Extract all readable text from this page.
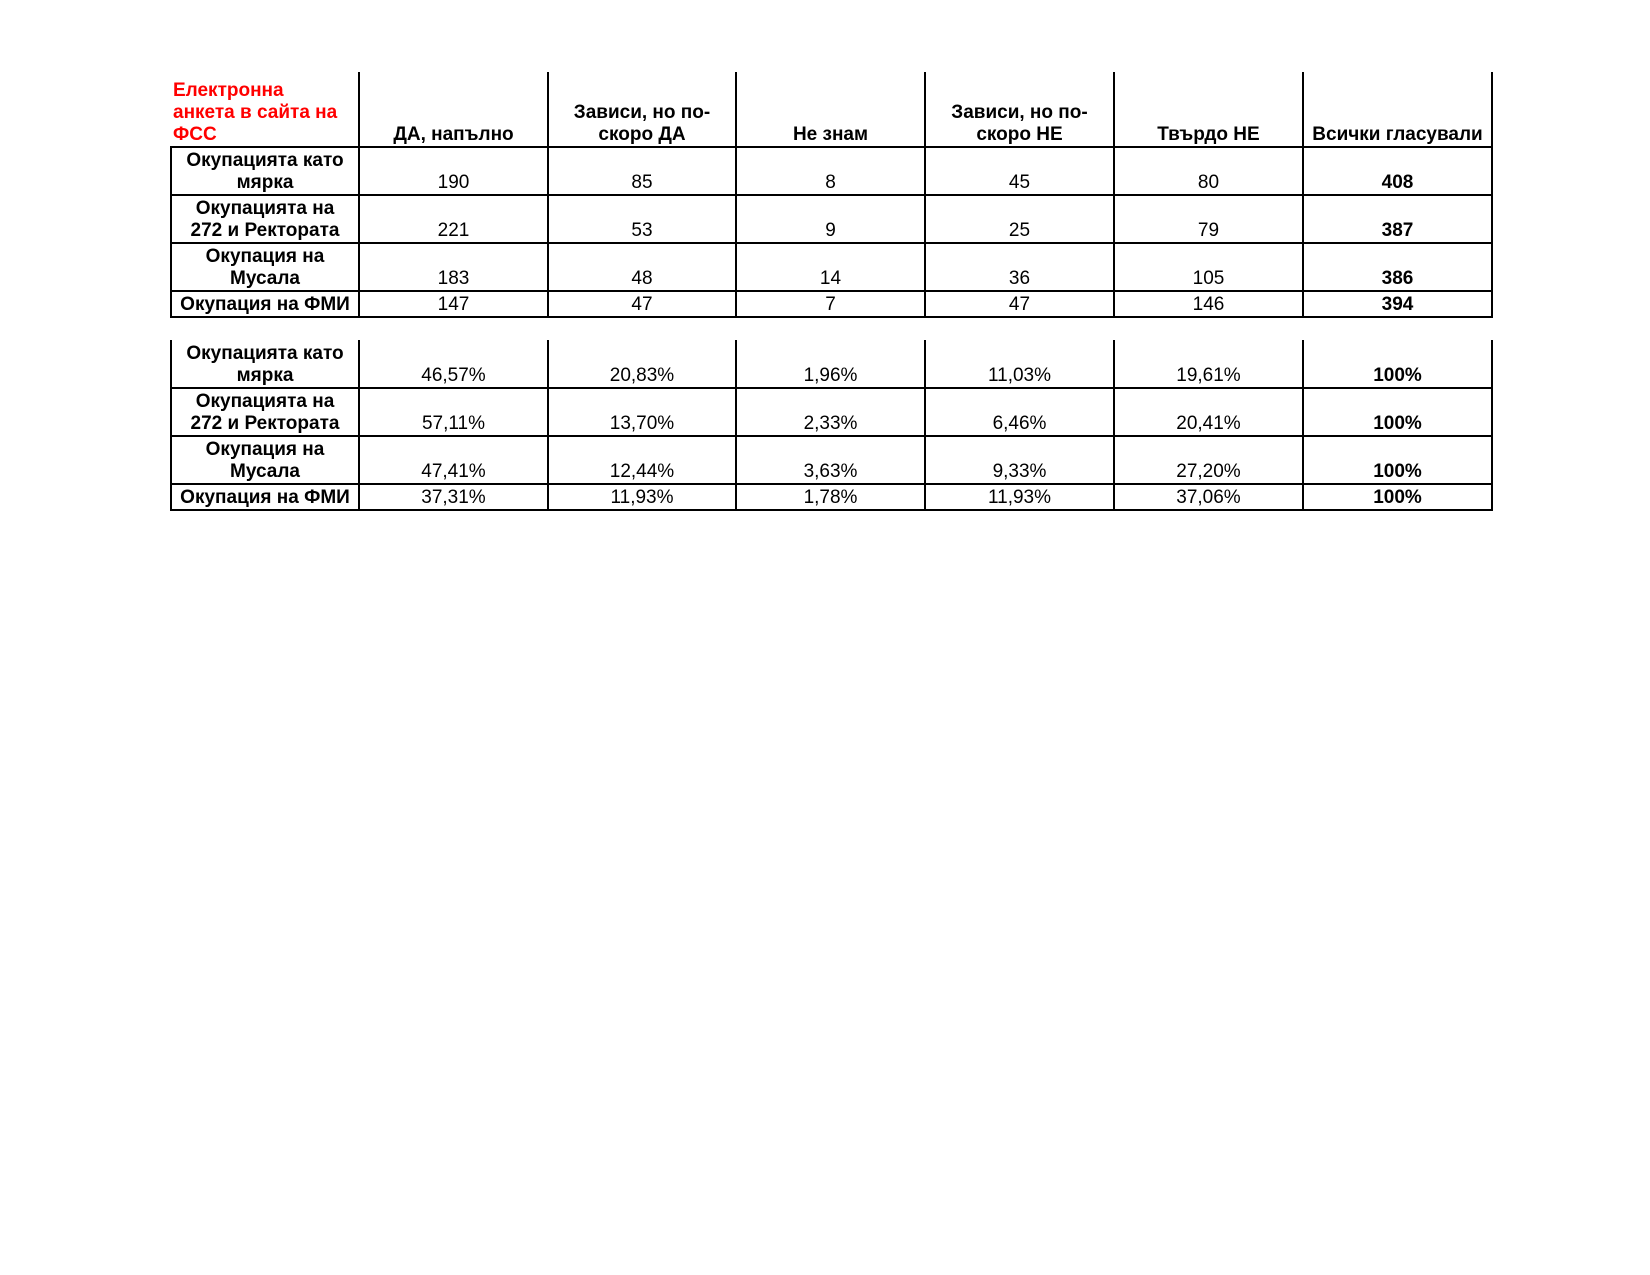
Електронна
анкета в сайта на
ФСС	ДА, напълно	Зависи, но по-
скоро ДА	Не знам	Зависи, но по-
скоро НЕ	Твърдо НЕ	Всички гласували

Окупацията като
мярка	190	85	8	45	80	408

Окупацията на
272 и Ректората	221	53	9	25	79	387

Окупация на
Мусала	183	48	14	36	105	386

Окупация на ФМИ	147	47	7	47	146	394
Окупацията като
мярка	46,57%	20,83%	1,96%	11,03%	19,61%	100%

Окупацията на
272 и Ректората	57,11%	13,70%	2,33%	6,46%	20,41%	100%

Окупация на
Мусала	47,41%	12,44%	3,63%	9,33%	27,20%	100%

Окупация на ФМИ	37,31%	11,93%	1,78%	11,93%	37,06%	100%
